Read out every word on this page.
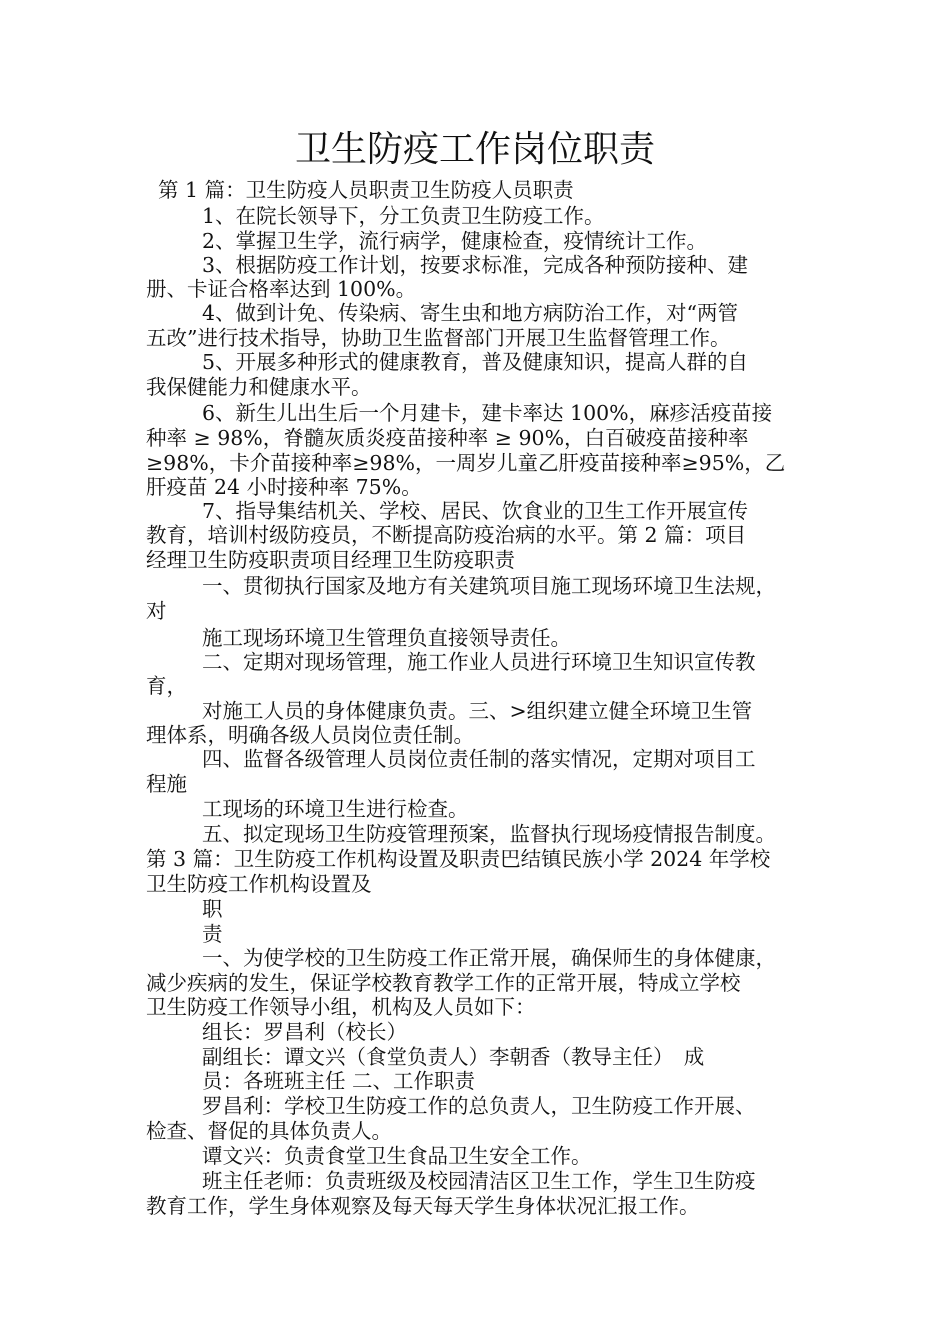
卫生防疫工作岗位职责
第 1 篇：卫生防疫人员职责卫生防疫人员职责
1、在院长领导下，分工负责卫生防疫工作。
2、掌握卫生学，流行病学，健康检查，疫情统计工作。
3、根据防疫工作计划，按要求标准，完成各种预防接种、建
册、卡证合格率达到 100%。
4、做到计免、传染病、寄生虫和地方病防治工作，对“两管
五改”进行技术指导，协助卫生监督部门开展卫生监督管理工作。
5、开展多种形式的健康教育，普及健康知识，提高人群的自
我保健能力和健康水平。
6、新生儿出生后一个月建卡，建卡率达 100%，麻疹活疫苗接
种率 ≥ 98%，脊髓灰质炎疫苗接种率 ≥ 90%，白百破疫苗接种率
≥98%，卡介苗接种率≥98%，一周岁儿童乙肝疫苗接种率≥95%，乙
肝疫苗 24 小时接种率 75%。
7、指导集结机关、学校、居民、饮食业的卫生工作开展宣传
教育，培训村级防疫员，不断提高防疫治病的水平。第 2 篇：项目
经理卫生防疫职责项目经理卫生防疫职责
一、贯彻执行国家及地方有关建筑项目施工现场环境卫生法规，
对
施工现场环境卫生管理负直接领导责任。
二、定期对现场管理，施工作业人员进行环境卫生知识宣传教
育，
对施工人员的身体健康负责。三、>组织建立健全环境卫生管
理体系，明确各级人员岗位责任制。
四、监督各级管理人员岗位责任制的落实情况，定期对项目工
程施
工现场的环境卫生进行检查。
五、拟定现场卫生防疫管理预案，监督执行现场疫情报告制度。
第 3 篇：卫生防疫工作机构设置及职责巴结镇民族小学 2024 年学校
卫生防疫工作机构设置及
职
责
一、为使学校的卫生防疫工作正常开展，确保师生的身体健康，
减少疾病的发生，保证学校教育教学工作的正常开展，特成立学校
卫生防疫工作领导小组，机构及人员如下：
组长：罗昌利（校长）
副组长：谭文兴（食堂负责人）李朝香（教导主任）　成
员：各班班主任 二、工作职责
罗昌利：学校卫生防疫工作的总负责人，卫生防疫工作开展、
检查、督促的具体负责人。
谭文兴：负责食堂卫生食品卫生安全工作。
班主任老师：负责班级及校园清洁区卫生工作，学生卫生防疫
教育工作，学生身体观察及每天每天学生身体状况汇报工作。
